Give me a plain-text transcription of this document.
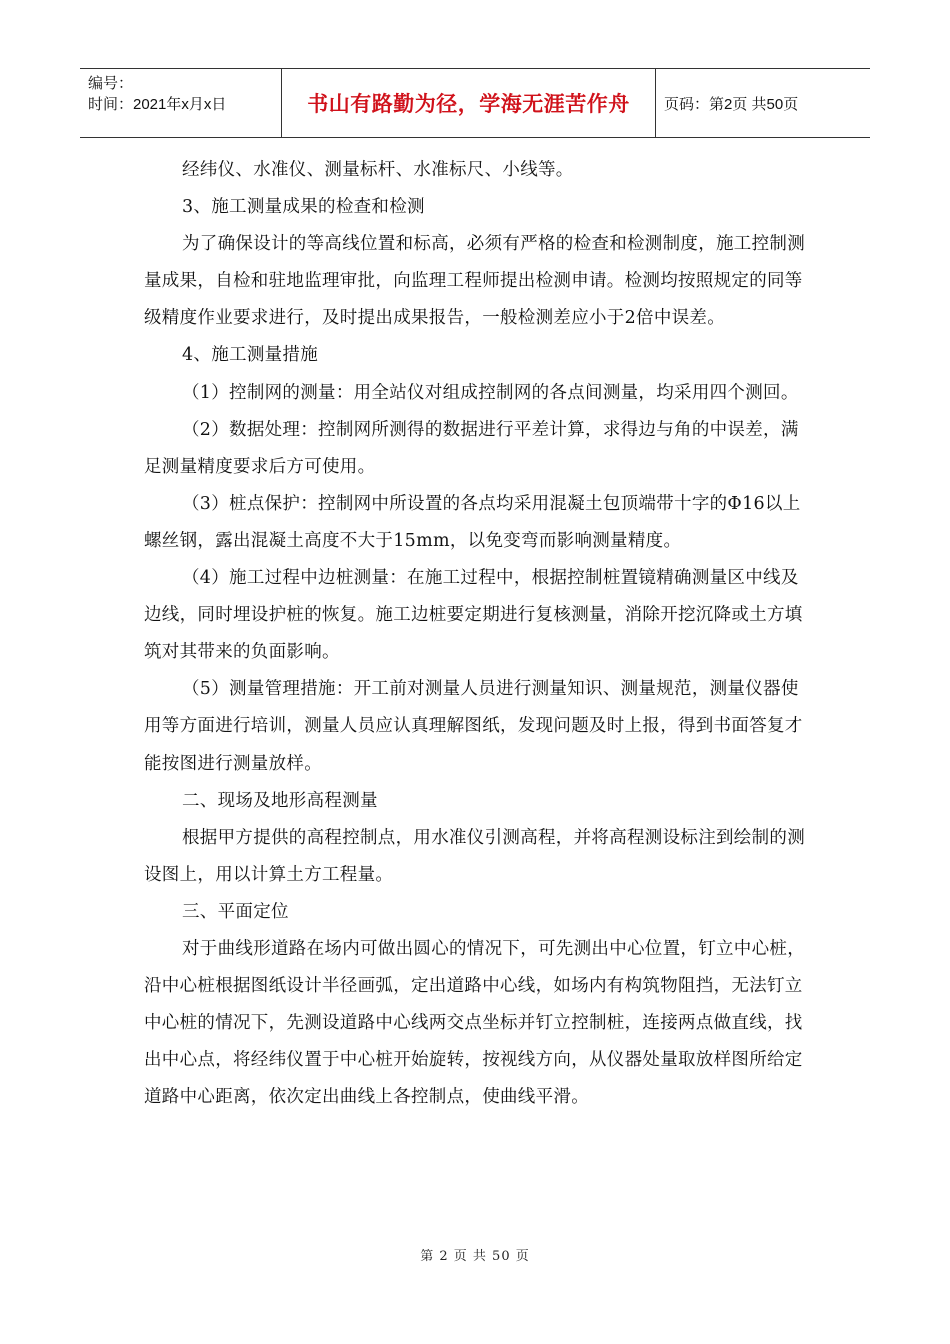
编号：
时间：2021年x月x日	书山有路勤为径，学海无涯苦作舟	页码：第2页 共50页

经纬仪、水准仪、测量标杆、水准标尺、小线等。

3、施工测量成果的检查和检测

为了确保设计的等高线位置和标高，必须有严格的检查和检测制度，施工控制测量成果，自检和驻地监理审批，向监理工程师提出检测申请。检测均按照规定的同等级精度作业要求进行，及时提出成果报告，一般检测差应小于2倍中误差。

4、施工测量措施

（1）控制网的测量：用全站仪对组成控制网的各点间测量，均采用四个测回。

（2）数据处理：控制网所测得的数据进行平差计算，求得边与角的中误差，满足测量精度要求后方可使用。

（3）桩点保护：控制网中所设置的各点均采用混凝土包顶端带十字的Φ16以上螺丝钢，露出混凝土高度不大于15mm，以免变弯而影响测量精度。

（4）施工过程中边桩测量：在施工过程中，根据控制桩置镜精确测量区中线及边线，同时埋设护桩的恢复。施工边桩要定期进行复核测量，消除开挖沉降或土方填筑对其带来的负面影响。

（5）测量管理措施：开工前对测量人员进行测量知识、测量规范，测量仪器使用等方面进行培训，测量人员应认真理解图纸，发现问题及时上报，得到书面答复才能按图进行测量放样。

二、现场及地形高程测量

根据甲方提供的高程控制点，用水准仪引测高程，并将高程测设标注到绘制的测设图上，用以计算土方工程量。

三、平面定位

对于曲线形道路在场内可做出圆心的情况下，可先测出中心位置，钉立中心桩，沿中心桩根据图纸设计半径画弧，定出道路中心线，如场内有构筑物阻挡，无法钉立中心桩的情况下，先测设道路中心线两交点坐标并钉立控制桩，连接两点做直线，找出中心点，将经纬仪置于中心桩开始旋转，按视线方向，从仪器处量取放样图所给定道路中心距离，依次定出曲线上各控制点，使曲线平滑。

第 2 页 共 50 页
